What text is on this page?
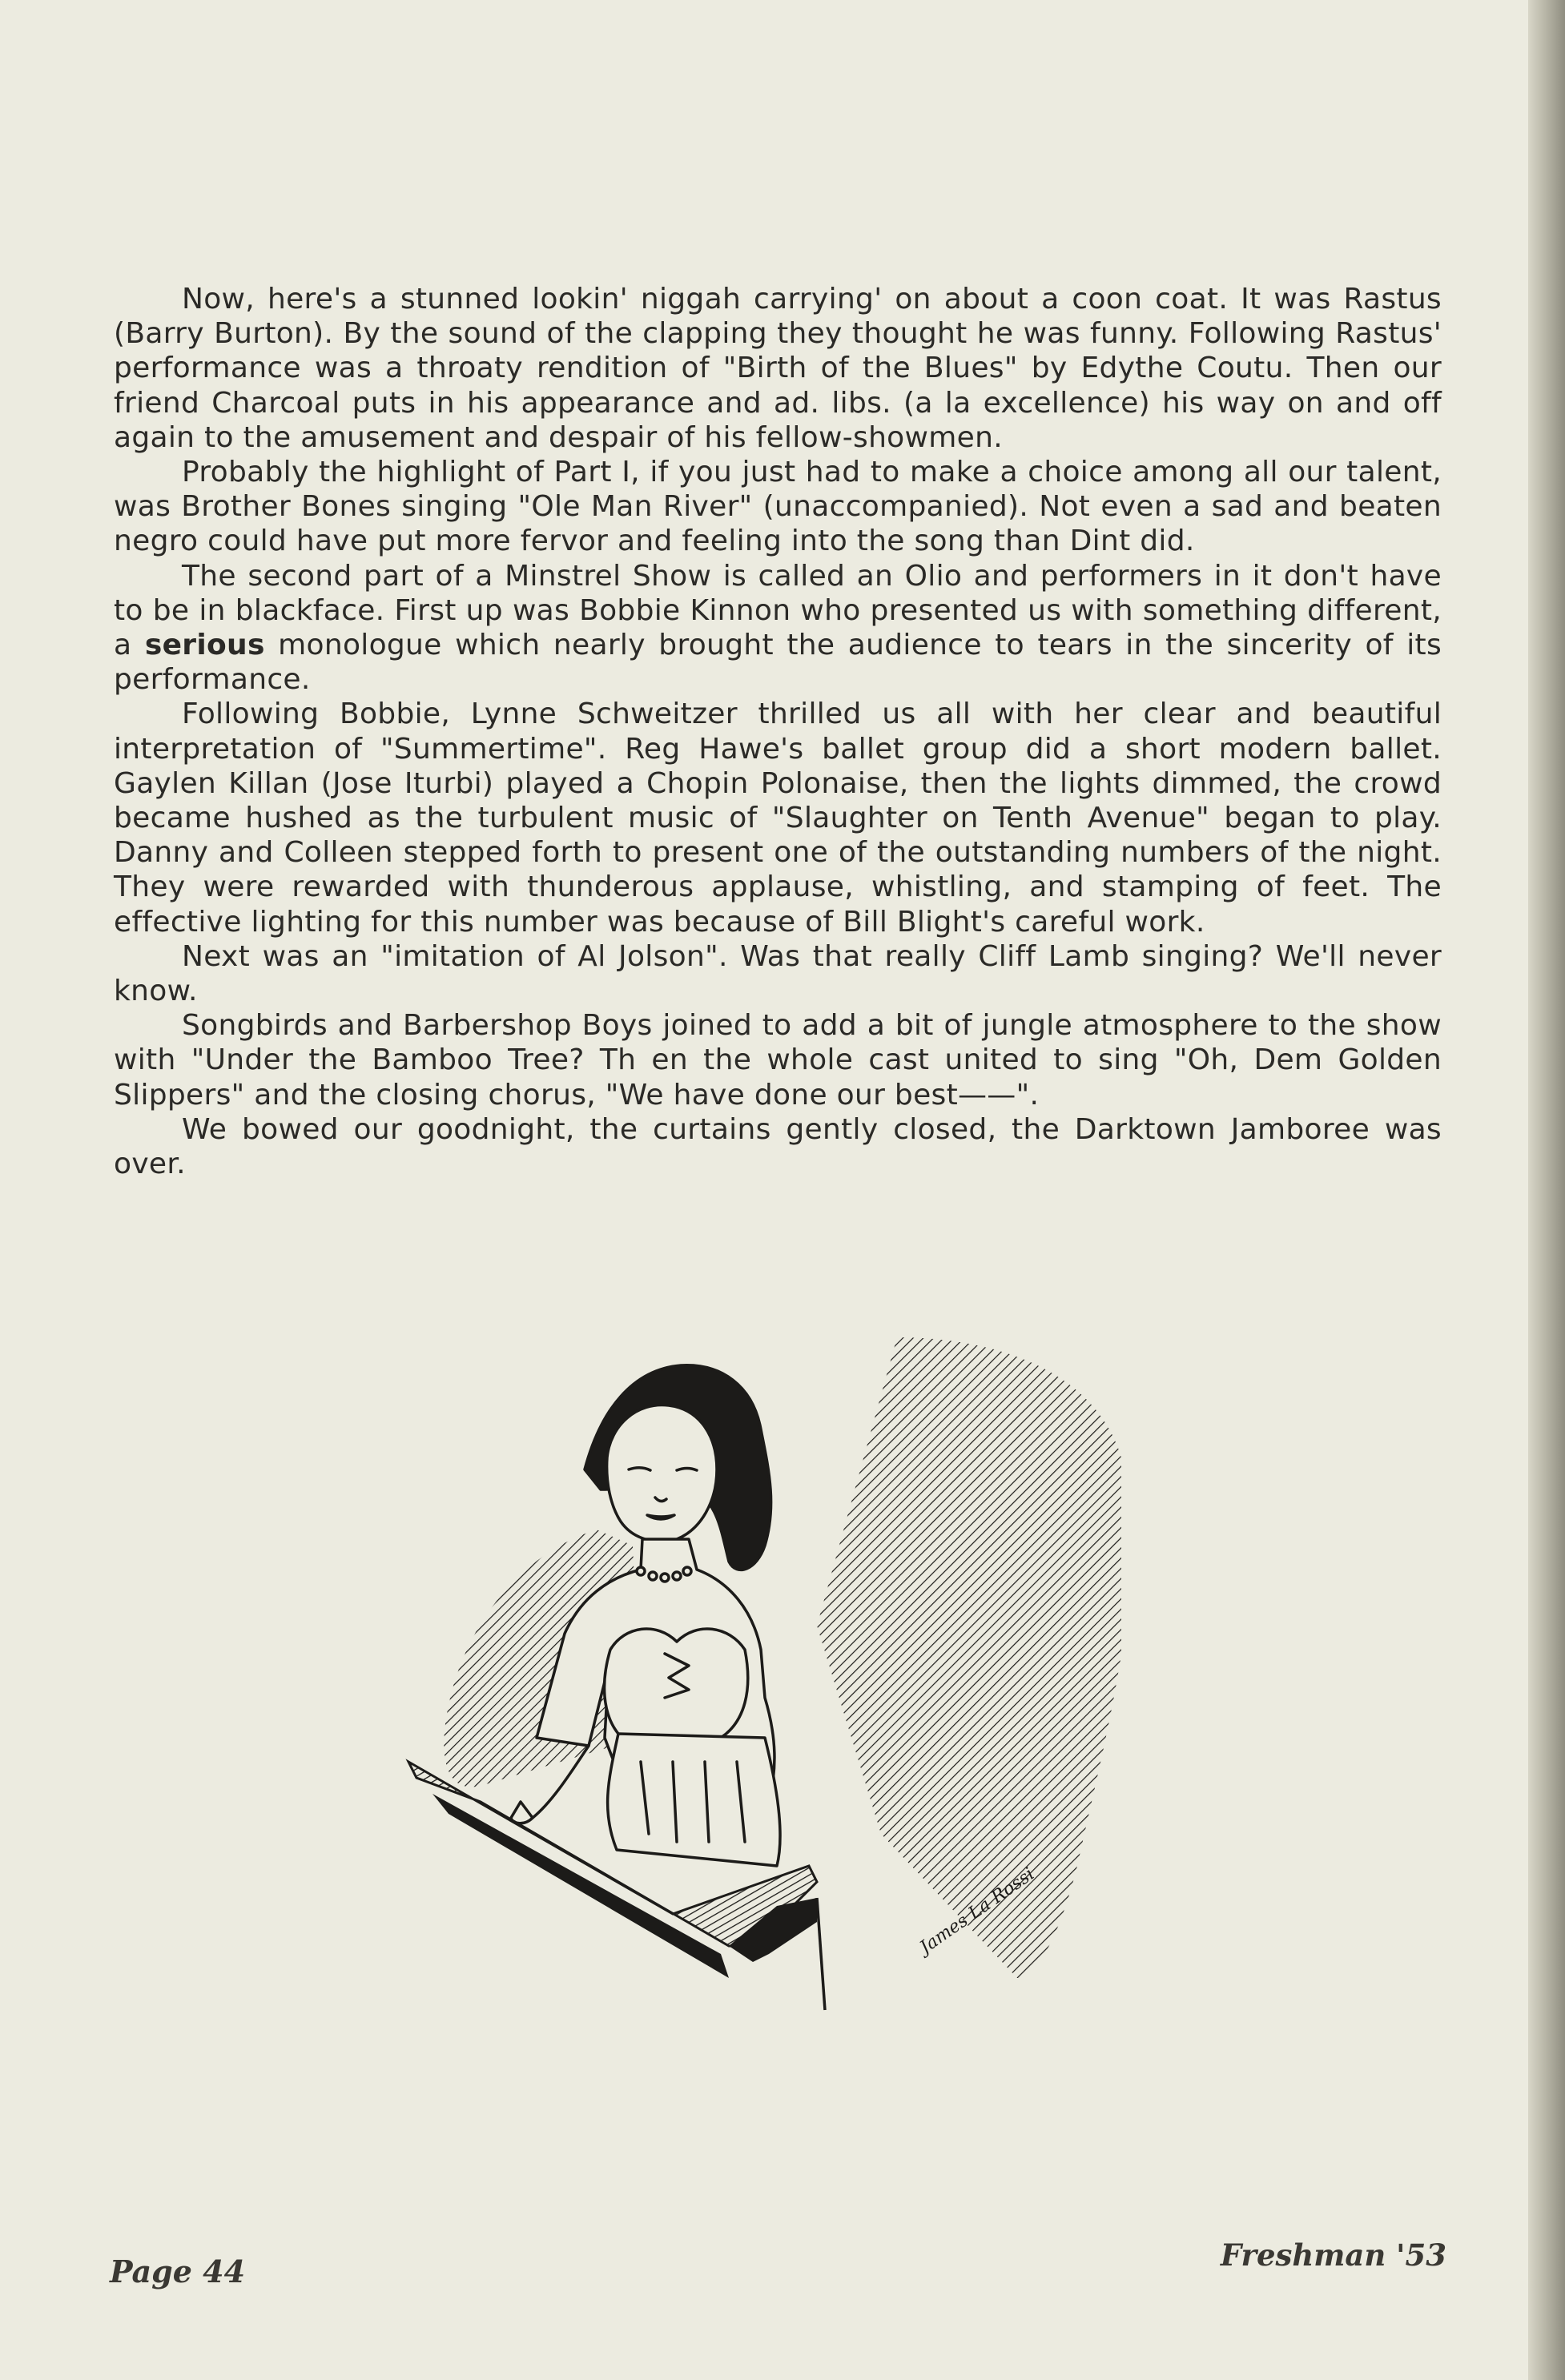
Now, here's a stunned lookin' niggah carrying' on about a coon coat. It was Rastus (Barry Burton). By the sound of the clapping they thought he was funny. Following Rastus' performance was a throaty rendition of "Birth of the Blues" by Edythe Coutu. Then our friend Charcoal puts in his appearance and ad. libs. (a la excellence) his way on and off again to the amusement and despair of his fellow-showmen.

Probably the highlight of Part I, if you just had to make a choice among all our talent, was Brother Bones singing "Ole Man River" (unaccompanied). Not even a sad and beaten negro could have put more fervor and feeling into the song than Dint did.

The second part of a Minstrel Show is called an Olio and performers in it don't have to be in blackface. First up was Bobbie Kinnon who presented us with something different, a serious monologue which nearly brought the audience to tears in the sincerity of its performance.

Following Bobbie, Lynne Schweitzer thrilled us all with her clear and beautiful interpretation of "Summertime". Reg Hawe's ballet group did a short modern ballet. Gaylen Killan (Jose Iturbi) played a Chopin Polonaise, then the lights dimmed, the crowd became hushed as the turbulent music of "Slaughter on Tenth Avenue" began to play. Danny and Colleen stepped forth to present one of the outstanding numbers of the night. They were rewarded with thunderous applause, whistling, and stamping of feet. The effective lighting for this number was because of Bill Blight's careful work.

Next was an "imitation of Al Jolson". Was that really Cliff Lamb singing? We'll never know.

Songbirds and Barbershop Boys joined to add a bit of jungle atmosphere to the show with "Under the Bamboo Tree? Th en the whole cast united to sing "Oh, Dem Golden Slippers" and the closing chorus, "We have done our best——".

We bowed our goodnight, the curtains gently closed, the Darktown Jamboree was over.

James La Rossi
Page 44	Freshman '53
